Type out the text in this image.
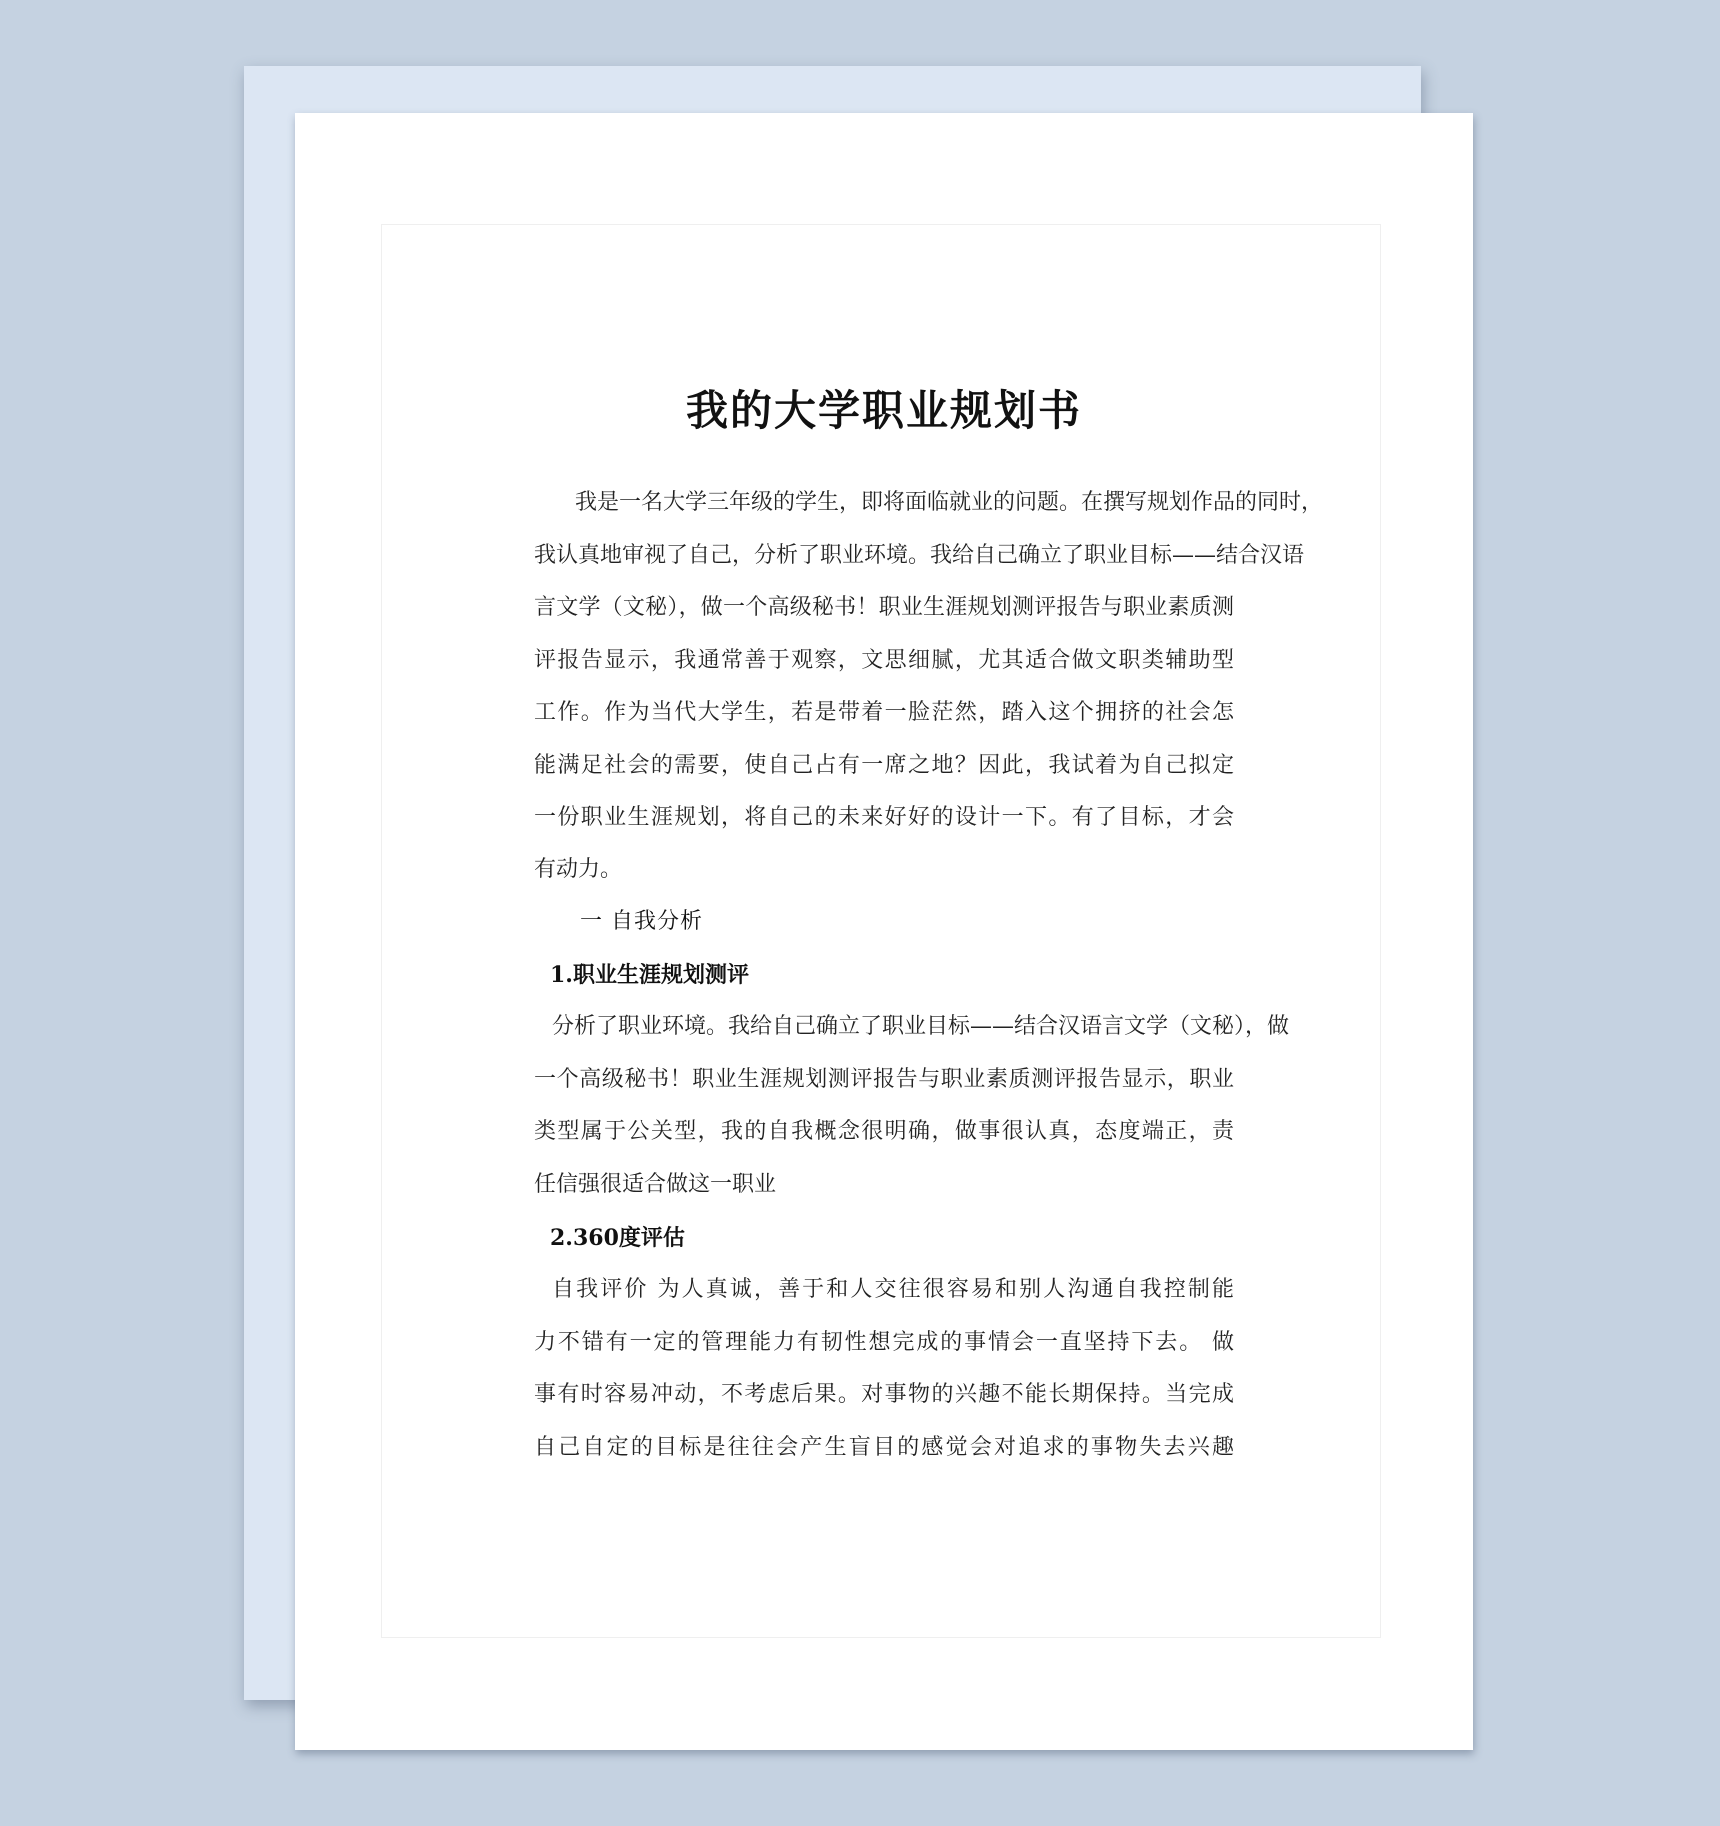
我的大学职业规划书
我是一名大学三年级的学生，即将面临就业的问题。在撰写规划作品的同时，
我认真地审视了自己，分析了职业环境。我给自己确立了职业目标——结合汉语
言文学（文秘），做一个高级秘书！职业生涯规划测评报告与职业素质测
评报告显示，我通常善于观察，文思细腻，尤其适合做文职类辅助型
工作。作为当代大学生，若是带着一脸茫然，踏入这个拥挤的社会怎
能满足社会的需要，使自己占有一席之地？因此，我试着为自己拟定
一份职业生涯规划，将自己的未来好好的设计一下。有了目标，才会
有动力。
一 自我分析
1.职业生涯规划测评
分析了职业环境。我给自己确立了职业目标——结合汉语言文学（文秘），做
一个高级秘书！职业生涯规划测评报告与职业素质测评报告显示，职业
类型属于公关型，我的自我概念很明确，做事很认真，态度端正，责
任信强很适合做这一职业
2.360度评估
自我评价 为人真诚，善于和人交往很容易和别人沟通自我控制能
力不错有一定的管理能力有韧性想完成的事情会一直坚持下去。 做
事有时容易冲动，不考虑后果。对事物的兴趣不能长期保持。当完成
自己自定的目标是往往会产生盲目的感觉会对追求的事物失去兴趣
